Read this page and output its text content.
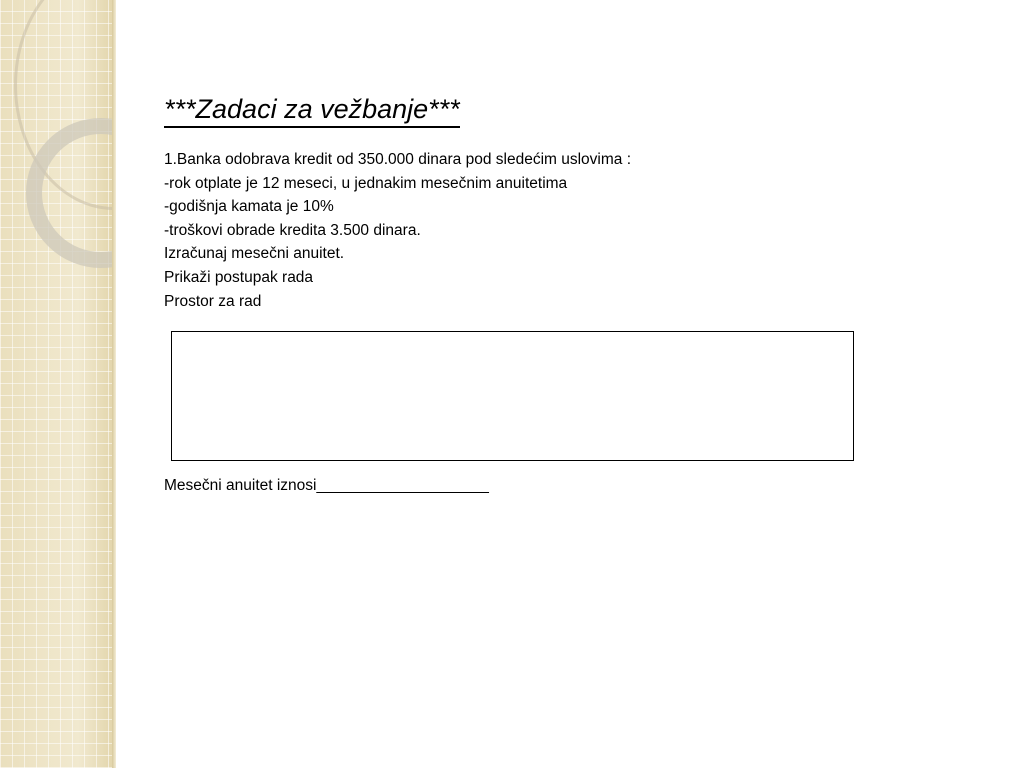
***Zadaci za vežbanje***

1.Banka odobrava kredit od 350.000 dinara pod sledećim uslovima :

-rok otplate je 12 meseci, u jednakim mesečnim anuitetima

-godišnja kamata je 10%

-troškovi obrade kredita 3.500 dinara.

Izračunaj mesečni anuitet.

Prikaži postupak rada

Prostor za rad

Mesečni anuitet iznosi____________________
